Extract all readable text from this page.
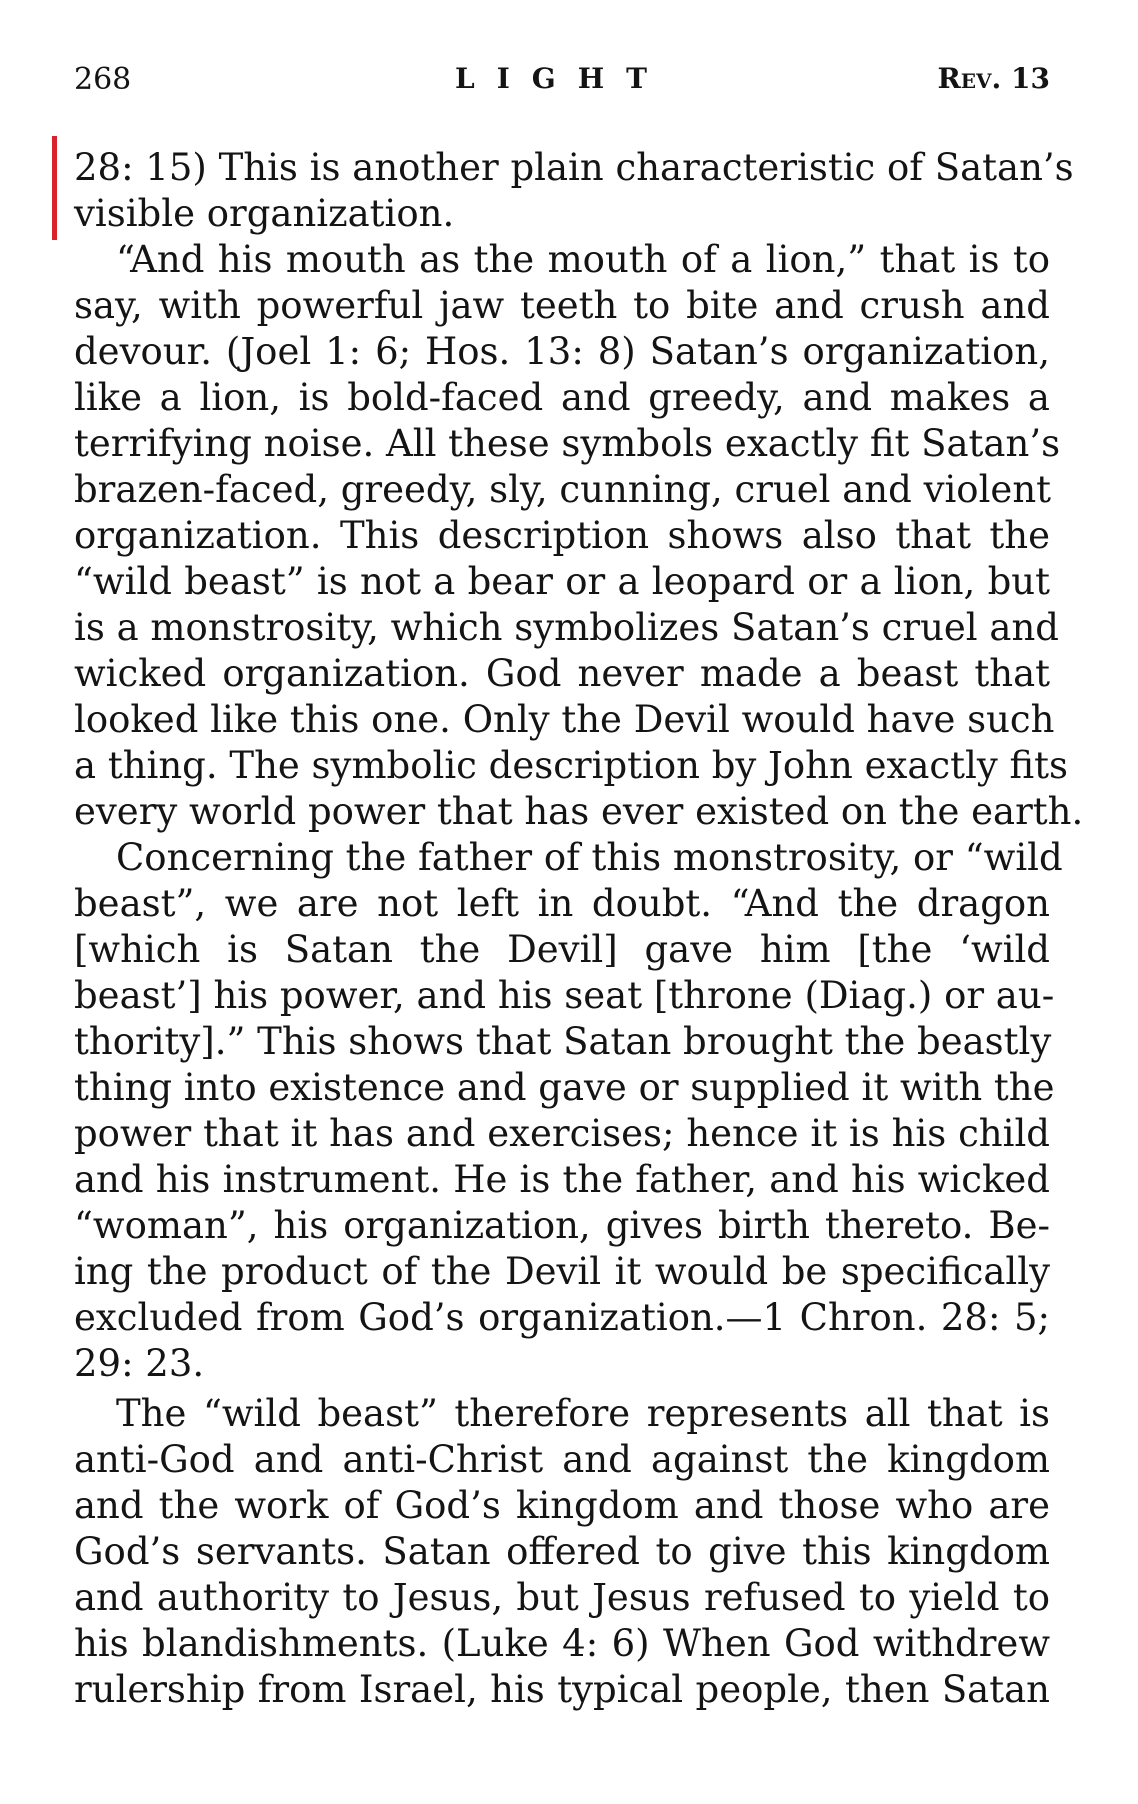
268	LIGHT	Rev. 13
28: 15) This is another plain characteristic of Satan’s
visible organization.
“And his mouth as the mouth of a lion,” that is to
say, with powerful jaw teeth to bite and crush and
devour. (Joel 1: 6; Hos. 13: 8) Satan’s organization,
like a lion, is bold-faced and greedy, and makes a
terrifying noise. All these symbols exactly fit Satan’s
brazen-faced, greedy, sly, cunning, cruel and violent
organization. This description shows also that the
“wild beast” is not a bear or a leopard or a lion, but
is a monstrosity, which symbolizes Satan’s cruel and
wicked organization. God never made a beast that
looked like this one. Only the Devil would have such
a thing. The symbolic description by John exactly fits
every world power that has ever existed on the earth.
Concerning the father of this monstrosity, or “wild
beast”, we are not left in doubt. “And the dragon
[which is Satan the Devil] gave him [the ‘wild
beast’] his power, and his seat [throne (Diag.) or au-
thority].” This shows that Satan brought the beastly
thing into existence and gave or supplied it with the
power that it has and exercises; hence it is his child
and his instrument. He is the father, and his wicked
“woman”, his organization, gives birth thereto. Be-
ing the product of the Devil it would be specifically
excluded from God’s organization.—1 Chron. 28: 5;
29: 23.
The “wild beast” therefore represents all that is
anti-God and anti-Christ and against the kingdom
and the work of God’s kingdom and those who are
God’s servants. Satan offered to give this kingdom
and authority to Jesus, but Jesus refused to yield to
his blandishments. (Luke 4: 6) When God withdrew
rulership from Israel, his typical people, then Satan
